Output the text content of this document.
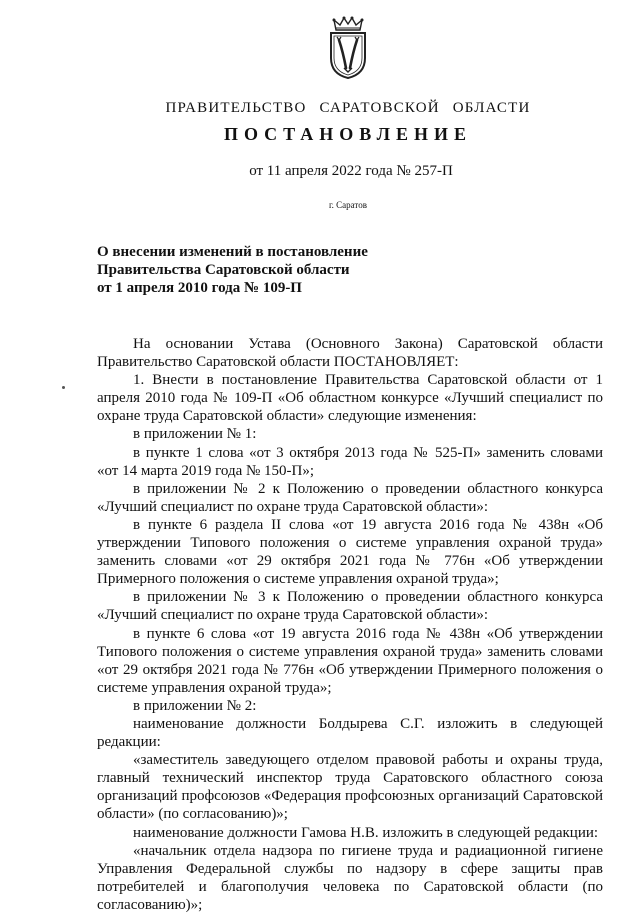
ПРАВИТЕЛЬСТВО САРАТОВСКОЙ ОБЛАСТИ
ПОСТАНОВЛЕНИЕ
от 11 апреля 2022 года № 257-П
г. Саратов
О внесении изменений в постановление
Правительства Саратовской области
от 1 апреля 2010 года № 109-П

На основании Устава (Основного Закона) Саратовской области Правительство Саратовской области ПОСТАНОВЛЯЕТ:

1. Внести в постановление Правительства Саратовской области от 1 апреля 2010 года № 109-П «Об областном конкурсе «Лучший специалист по охране труда Саратовской области» следующие изменения:

в приложении № 1:

в пункте 1 слова «от 3 октября 2013 года № 525-П» заменить словами «от 14 марта 2019 года № 150-П»;

в приложении № 2 к Положению о проведении областного конкурса «Лучший специалист по охране труда Саратовской области»:

в пункте 6 раздела II слова «от 19 августа 2016 года № 438н «Об утверждении Типового положения о системе управления охраной труда» заменить словами «от 29 октября 2021 года № 776н «Об утверждении Примерного положения о системе управления охраной труда»;

в приложении № 3 к Положению о проведении областного конкурса «Лучший специалист по охране труда Саратовской области»:

в пункте 6 слова «от 19 августа 2016 года № 438н «Об утверждении Типового положения о системе управления охраной труда» заменить словами «от 29 октября 2021 года № 776н «Об утверждении Примерного положения о системе управления охраной труда»;

в приложении № 2:

наименование должности Болдырева С.Г. изложить в следующей редакции:

«заместитель заведующего отделом правовой работы и охраны труда, главный технический инспектор труда Саратовского областного союза организаций профсоюзов «Федерация профсоюзных организаций Саратовской области» (по согласованию)»;

наименование должности Гамова Н.В. изложить в следующей редакции:

«начальник отдела надзора по гигиене труда и радиационной гигиене Управления Федеральной службы по надзору в сфере защиты прав потребителей и благополучия человека по Саратовской области (по согласованию)»;
